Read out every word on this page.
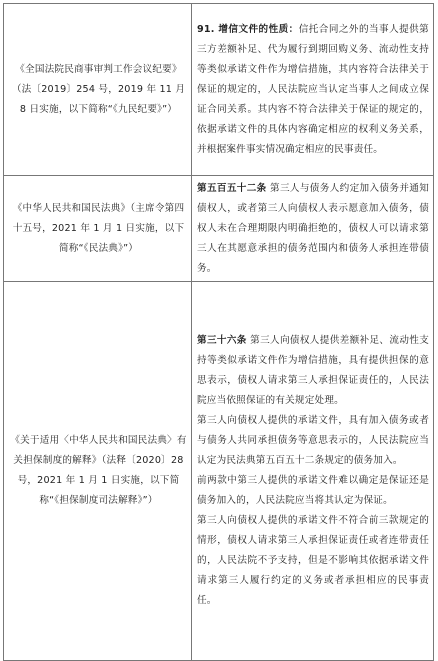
《全国法院民商事审判工作会议纪要》（法〔2019〕254 号，2019 年 11 月 8 日实施，以下简称“《九民纪要》”）	91. 增信文件的性质：信托合同之外的当事人提供第三方差额补足、代为履行到期回购义务、流动性支持等类似承诺文件作为增信措施，其内容符合法律关于保证的规定的，人民法院应当认定当事人之间成立保证合同关系。其内容不符合法律关于保证的规定的，依据承诺文件的具体内容确定相应的权利义务关系，并根据案件事实情况确定相应的民事责任。

《中华人民共和国民法典》（主席令第四十五号，2021 年 1 月 1 日实施，以下简称“《民法典》”）	第五百五十二条 第三人与债务人约定加入债务并通知债权人，或者第三人向债权人表示愿意加入债务，债权人未在合理期限内明确拒绝的，债权人可以请求第三人在其愿意承担的债务范围内和债务人承担连带债务。

《关于适用〈中华人民共和国民法典〉有关担保制度的解释》（法释〔2020〕28 号，2021 年 1 月 1 日实施，以下简称“《担保制度司法解释》”）	第三十六条 第三人向债权人提供差额补足、流动性支持等类似承诺文件作为增信措施，具有提供担保的意思表示，债权人请求第三人承担保证责任的，人民法院应当依照保证的有关规定处理。

第三人向债权人提供的承诺文件，具有加入债务或者与债务人共同承担债务等意思表示的，人民法院应当认定为民法典第五百五十二条规定的债务加入。

前两款中第三人提供的承诺文件难以确定是保证还是债务加入的，人民法院应当将其认定为保证。

第三人向债权人提供的承诺文件不符合前三款规定的情形，债权人请求第三人承担保证责任或者连带责任的，人民法院不予支持，但是不影响其依据承诺文件请求第三人履行约定的义务或者承担相应的民事责任。
